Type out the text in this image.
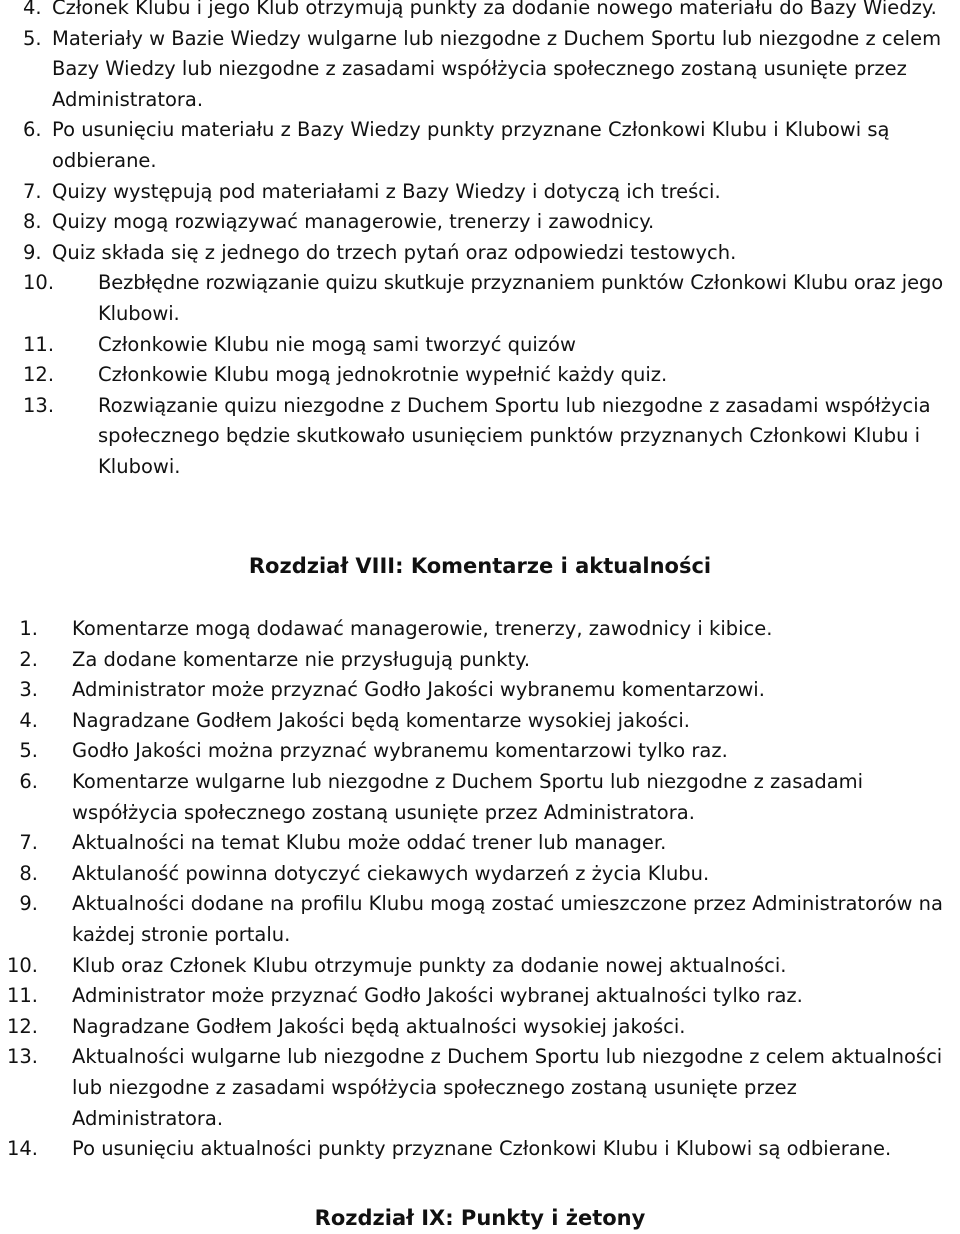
4. Członek Klubu i jego Klub otrzymują punkty za dodanie nowego materiału do Bazy Wiedzy.
5. Materiały w Bazie Wiedzy wulgarne lub niezgodne z Duchem Sportu lub niezgodne z celem Bazy Wiedzy lub niezgodne z zasadami współżycia społecznego zostaną usunięte przez Administratora.
6. Po usunięciu materiału z Bazy Wiedzy punkty przyznane Członkowi Klubu i Klubowi są odbierane.
7. Quizy występują pod materiałami z Bazy Wiedzy i dotyczą ich treści.
8. Quizy mogą rozwiązywać managerowie, trenerzy i zawodnicy.
9. Quiz składa się z jednego do trzech pytań oraz odpowiedzi testowych.
10. Bezbłędne rozwiązanie quizu skutkuje przyznaniem punktów Członkowi Klubu oraz jego Klubowi.
11. Członkowie Klubu nie mogą sami tworzyć quizów
12. Członkowie Klubu mogą jednokrotnie wypełnić każdy quiz.
13. Rozwiązanie quizu niezgodne z Duchem Sportu lub niezgodne z zasadami współżycia społecznego będzie skutkowało usunięciem punktów przyznanych Członkowi Klubu i Klubowi.
Rozdział VIII: Komentarze i aktualności
1. Komentarze mogą dodawać managerowie, trenerzy, zawodnicy i kibice.
2. Za dodane komentarze nie przysługują punkty.
3. Administrator może przyznać Godło Jakości wybranemu komentarzowi.
4. Nagradzane Godłem Jakości będą komentarze wysokiej jakości.
5. Godło Jakości można przyznać wybranemu komentarzowi tylko raz.
6. Komentarze wulgarne lub niezgodne z Duchem Sportu lub niezgodne z zasadami współżycia społecznego zostaną usunięte przez Administratora.
7. Aktualności na temat Klubu może oddać trener lub manager.
8. Aktulaność powinna dotyczyć ciekawych wydarzeń z życia Klubu.
9. Aktualności dodane na profilu Klubu mogą zostać umieszczone przez Administratorów na każdej stronie portalu.
10. Klub oraz Członek Klubu otrzymuje punkty za dodanie nowej aktualności.
11. Administrator może przyznać Godło Jakości wybranej aktualności tylko raz.
12. Nagradzane Godłem Jakości będą aktualności wysokiej jakości.
13. Aktualności wulgarne lub niezgodne z Duchem Sportu lub niezgodne z celem aktualności lub niezgodne z zasadami współżycia społecznego zostaną usunięte przez Administratora.
14. Po usunięciu aktualności punkty przyznane Członkowi Klubu i Klubowi są odbierane.
Rozdział IX: Punkty i żetony
